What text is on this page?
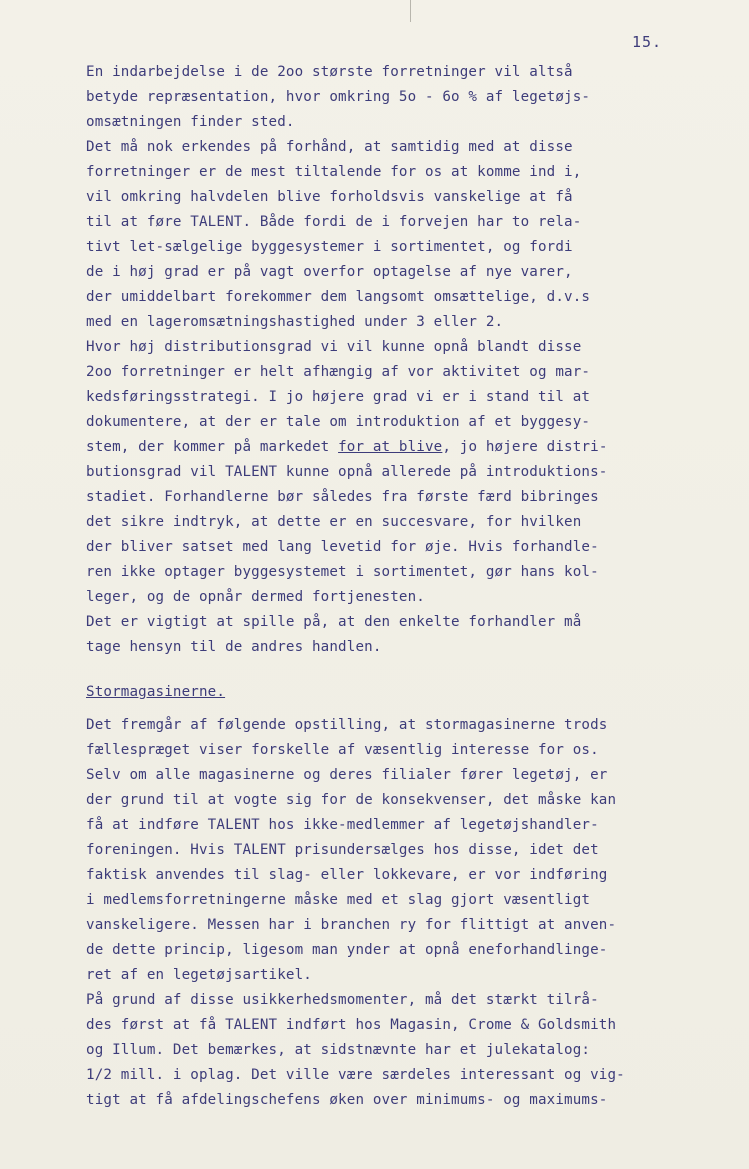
15.
En indarbejdelse i de 2oo største forretninger vil altså
betyde repræsentation, hvor omkring 5o - 6o % af legetøjs-
omsætningen finder sted.
Det må nok erkendes på forhånd, at samtidig med at disse
forretninger er de mest tiltalende for os at komme ind i,
vil omkring halvdelen blive forholdsvis vanskelige at få
til at føre TALENT. Både fordi de i forvejen har to rela-
tivt let-sælgelige byggesystemer i sortimentet, og fordi
de i høj grad er på vagt overfor optagelse af nye varer,
der umiddelbart forekommer dem langsomt omsættelige, d.v.s
med en lageromsætningshastighed under 3 eller 2.
Hvor høj distributionsgrad vi vil kunne opnå blandt disse
2oo forretninger er helt afhængig af vor aktivitet og mar-
kedsføringsstrategi. I jo højere grad vi er i stand til at
dokumentere, at der er tale om introduktion af et byggesy-
stem, der kommer på markedet for at blive, jo højere distri-
butionsgrad vil TALENT kunne opnå allerede på introduktions-
stadiet. Forhandlerne bør således fra første færd bibringes
det sikre indtryk, at dette er en succesvare, for hvilken
der bliver satset med lang levetid for øje. Hvis forhandle-
ren ikke optager byggesystemet i sortimentet, gør hans kol-
leger, og de opnår dermed fortjenesten.
Det er vigtigt at spille på, at den enkelte forhandler må
tage hensyn til de andres handlen.
Stormagasinerne.
Det fremgår af følgende opstilling, at stormagasinerne trods
fællespræget viser forskelle af væsentlig interesse for os.
Selv om alle magasinerne og deres filialer fører legetøj, er
der grund til at vogte sig for de konsekvenser, det måske kan
få at indføre TALENT hos ikke-medlemmer af legetøjshandler-
foreningen. Hvis TALENT prisundersælges hos disse, idet det
faktisk anvendes til slag- eller lokkevare, er vor indføring
i medlemsforretningerne måske med et slag gjort væsentligt
vanskeligere. Messen har i branchen ry for flittigt at anven-
de dette princip, ligesom man ynder at opnå eneforhandlinge-
ret af en legetøjsartikel.
På grund af disse usikkerhedsmomenter, må det stærkt tilrå-
des først at få TALENT indført hos Magasin, Crome & Goldsmith
og Illum. Det bemærkes, at sidstnævnte har et julekatalog:
1/2 mill. i oplag. Det ville være særdeles interessant og vig-
tigt at få afdelingschefens øken over minimums- og maximums-
